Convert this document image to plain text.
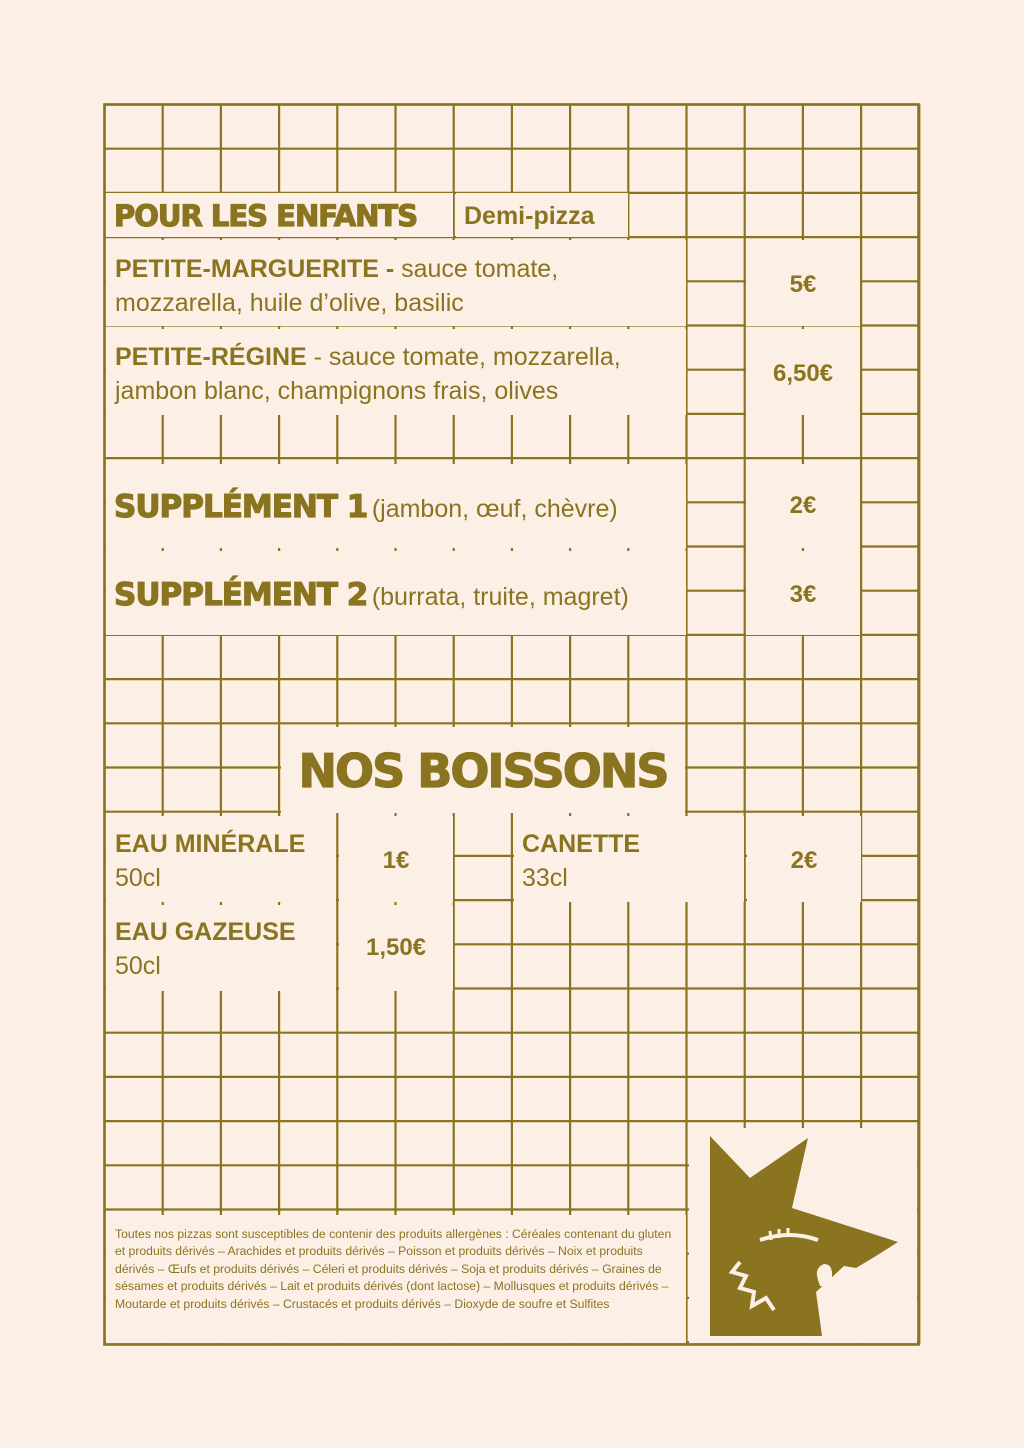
POUR LES ENFANTS Demi-pizza
PETITE-MARGUERITE - sauce tomate,
mozzarella, huile d’olive, basilic
5€
PETITE-RÉGINE - sauce tomate, mozzarella,
jambon blanc, champignons frais, olives
6,50€
SUPPLÉMENT 1 (jambon, œuf, chèvre)	2€
SUPPLÉMENT 2 (burrata, truite, magret)	3€
NOS BOISSONS
EAU MINÉRALE
50cl
1€
CANETTE
33cl
2€
EAU GAZEUSE
50cl
1,50€
Toutes nos pizzas sont susceptibles de contenir des produits allergènes : Céréales contenant du gluten et produits dérivés – Arachides et produits dérivés – Poisson et produits dérivés – Noix et produits dérivés – Œufs et produits dérivés – Céleri et produits dérivés – Soja et produits dérivés – Graines de sésames et produits dérivés – Lait et produits dérivés (dont lactose) – Mollusques et produits dérivés – Moutarde et produits dérivés – Crustacés et produits dérivés – Dioxyde de soufre et Sulfites
